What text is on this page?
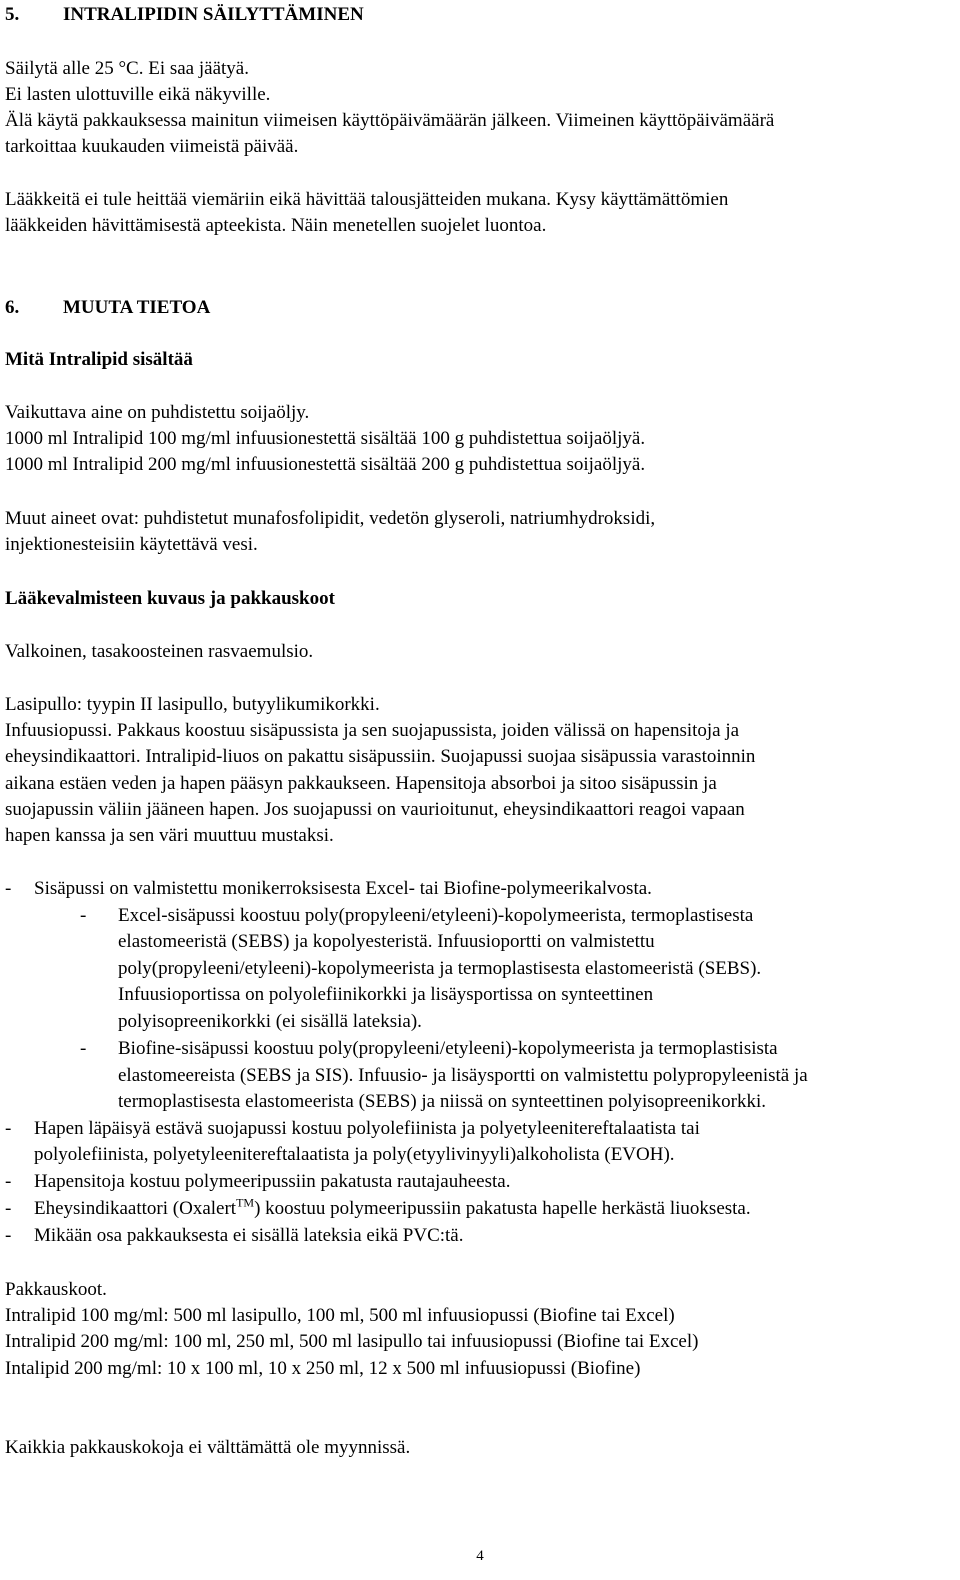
5. INTRALIPIDIN SÄILYTTÄMINEN
Säilytä alle 25 °C. Ei saa jäätyä.
Ei lasten ulottuville eikä näkyville.
Älä käytä pakkauksessa mainitun viimeisen käyttöpäivämäärän jälkeen. Viimeinen käyttöpäivämäärä
tarkoittaa kuukauden viimeistä päivää.
Lääkkeitä ei tule heittää viemäriin eikä hävittää talousjätteiden mukana. Kysy käyttämättömien
lääkkeiden hävittämisestä apteekista. Näin menetellen suojelet luontoa.
6. MUUTA TIETOA
Mitä Intralipid sisältää
Vaikuttava aine on puhdistettu soijaöljy.
1000 ml Intralipid 100 mg/ml infuusionestettä sisältää 100 g puhdistettua soijaöljyä.
1000 ml Intralipid 200 mg/ml infuusionestettä sisältää 200 g puhdistettua soijaöljyä.
Muut aineet ovat: puhdistetut munafosfolipidit, vedetön glyseroli, natriumhydroksidi,
injektionesteisiin käytettävä vesi.
Lääkevalmisteen kuvaus ja pakkauskoot
Valkoinen, tasakoosteinen rasvaemulsio.
Lasipullo: tyypin II lasipullo, butyylikumikorkki.
Infuusiopussi. Pakkaus koostuu sisäpussista ja sen suojapussista, joiden välissä on hapensitoja ja
eheysindikaattori. Intralipid-liuos on pakattu sisäpussiin. Suojapussi suojaa sisäpussia varastoinnin
aikana estäen veden ja hapen pääsyn pakkaukseen. Hapensitoja absorboi ja sitoo sisäpussin ja
suojapussin väliin jääneen hapen. Jos suojapussi on vaurioitunut, eheysindikaattori reagoi vapaan
hapen kanssa ja sen väri muuttuu mustaksi.
- Sisäpussi on valmistettu monikerroksisesta Excel- tai Biofine-polymeerikalvosta.
- Excel-sisäpussi koostuu poly(propyleeni/etyleeni)-kopolymeerista, termoplastisesta
elastomeeristä (SEBS) ja kopolyesteristä. Infuusioportti on valmistettu
poly(propyleeni/etyleeni)-kopolymeerista ja termoplastisesta elastomeeristä (SEBS).
Infuusioportissa on polyolefiinikorkki ja lisäysportissa on synteettinen
polyisopreenikorkki (ei sisällä lateksia).
- Biofine-sisäpussi koostuu poly(propyleeni/etyleeni)-kopolymeerista ja termoplastisista
elastomeereista (SEBS ja SIS). Infuusio- ja lisäysportti on valmistettu polypropyleenistä ja
termoplastisesta elastomeerista (SEBS) ja niissä on synteettinen polyisopreenikorkki.
- Hapen läpäisyä estävä suojapussi kostuu polyolefiinista ja polyetyleenitereftalaatista tai
polyolefiinista, polyetyleenitereftalaatista ja poly(etyylivinyyli)alkoholista (EVOH).
- Hapensitoja kostuu polymeeripussiin pakatusta rautajauheesta.
- Eheysindikaattori (Oxalert™) koostuu polymeeripussiin pakatusta hapelle herkästä liuoksesta.
- Mikään osa pakkauksesta ei sisällä lateksia eikä PVC:tä.
Pakkauskoot.
Intralipid 100 mg/ml: 500 ml lasipullo, 100 ml, 500 ml infuusiopussi (Biofine tai Excel)
Intralipid 200 mg/ml: 100 ml, 250 ml, 500 ml lasipullo tai infuusiopussi (Biofine tai Excel)
Intalipid 200 mg/ml: 10 x 100 ml, 10 x 250 ml, 12 x 500 ml infuusiopussi (Biofine)
Kaikkia pakkauskokoja ei välttämättä ole myynnissä.
4
